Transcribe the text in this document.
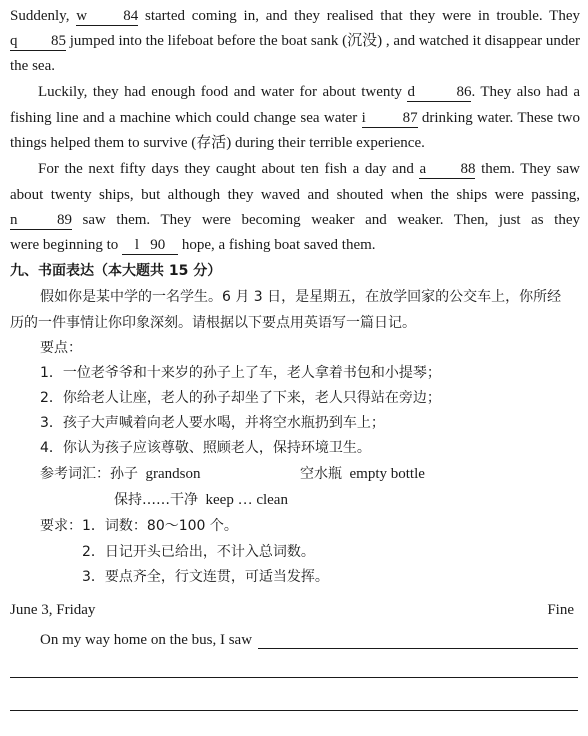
Suddenly, w 84 started coming in, and they realised that they were in trouble. They
q 85 jumped into the lifeboat before the boat sank (沉没) , and watched it disappear under
the sea.
Luckily, they had enough food and water for about twenty d	86. They also had a
fishing line and a machine which could change sea water i 87 drinking water. These two
things helped them to survive (存活) during their terrible experience.
For the next fifty days they caught about ten fish a day and a 88 them. They saw
about twenty ships, but although they waved and shouted when the ships were passing,
n	89 saw them. They were becoming weaker and weaker. Then, just as they
were beginning to l 90 hope, a fishing boat saved them.
九、书面表达（本大题共 15 分）
假如你是某中学的一名学生。6 月 3 日，是星期五，在放学回家的公交车上，你所经
历的一件事情让你印象深刻。请根据以下要点用英语写一篇日记。
要点：
1．一位老爷爷和十来岁的孙子上了车，老人拿着书包和小提琴；
2．你给老人让座，老人的孙子却坐了下来，老人只得站在旁边；
3．孩子大声喊着向老人要水喝，并将空水瓶扔到车上；
4．你认为孩子应该尊敬、照顾老人，保持环境卫生。
参考词汇：孙子 grandson	空水瓶 empty bottle
保持……干净 keep … clean
要求：1．词数：80～100 个。
2．日记开头已给出，不计入总词数。
3．要点齐全，行文连贯，可适当发挥。
June 3, Friday	Fine
On my way home on the bus, I saw
